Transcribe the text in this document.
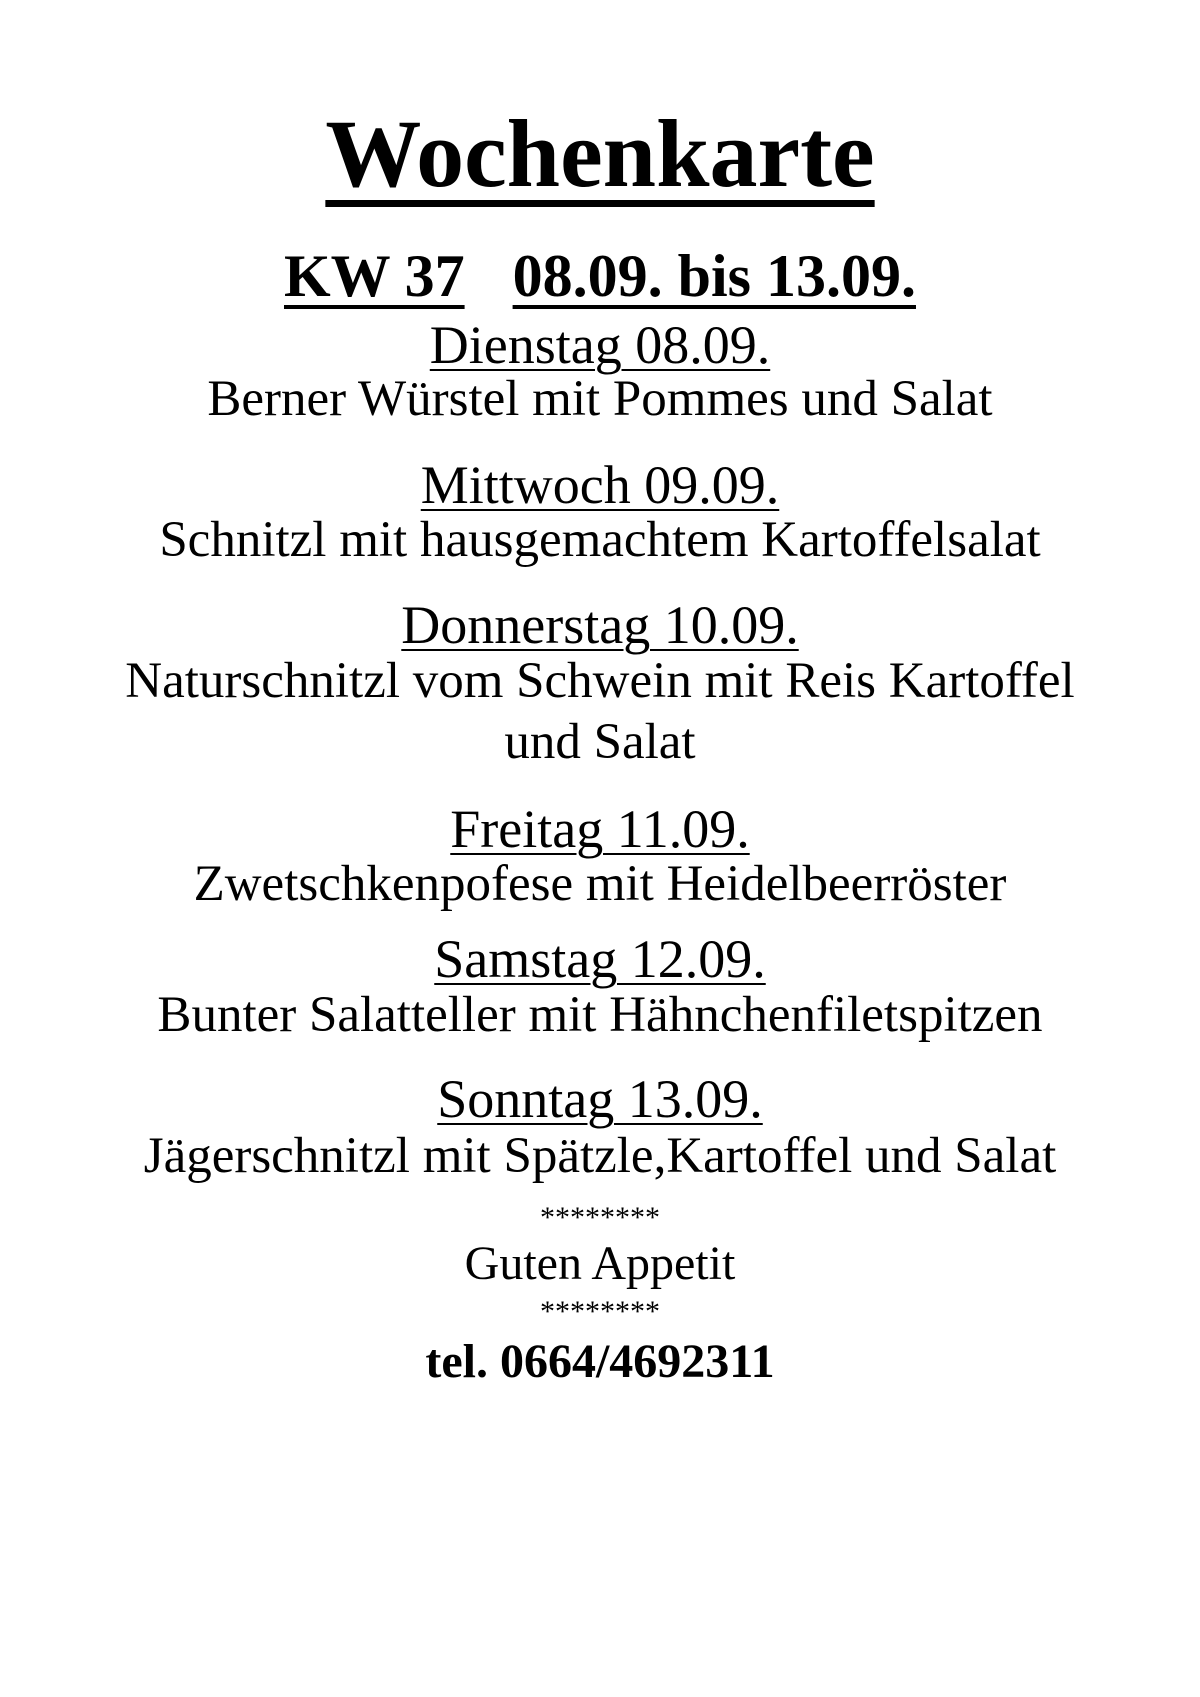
Wochenkarte
KW 37 08.09. bis 13.09.
Dienstag 08.09.
Berner Würstel mit Pommes und Salat
Mittwoch 09.09.
Schnitzl mit hausgemachtem Kartoffelsalat
Donnerstag 10.09.
Naturschnitzl vom Schwein mit Reis Kartoffel
und Salat
Freitag 11.09.
Zwetschkenpofese mit Heidelbeerröster
Samstag 12.09.
Bunter Salatteller mit Hähnchenfiletspitzen
Sonntag 13.09.
Jägerschnitzl mit Spätzle,Kartoffel und Salat
********
Guten Appetit
********
tel. 0664/4692311
